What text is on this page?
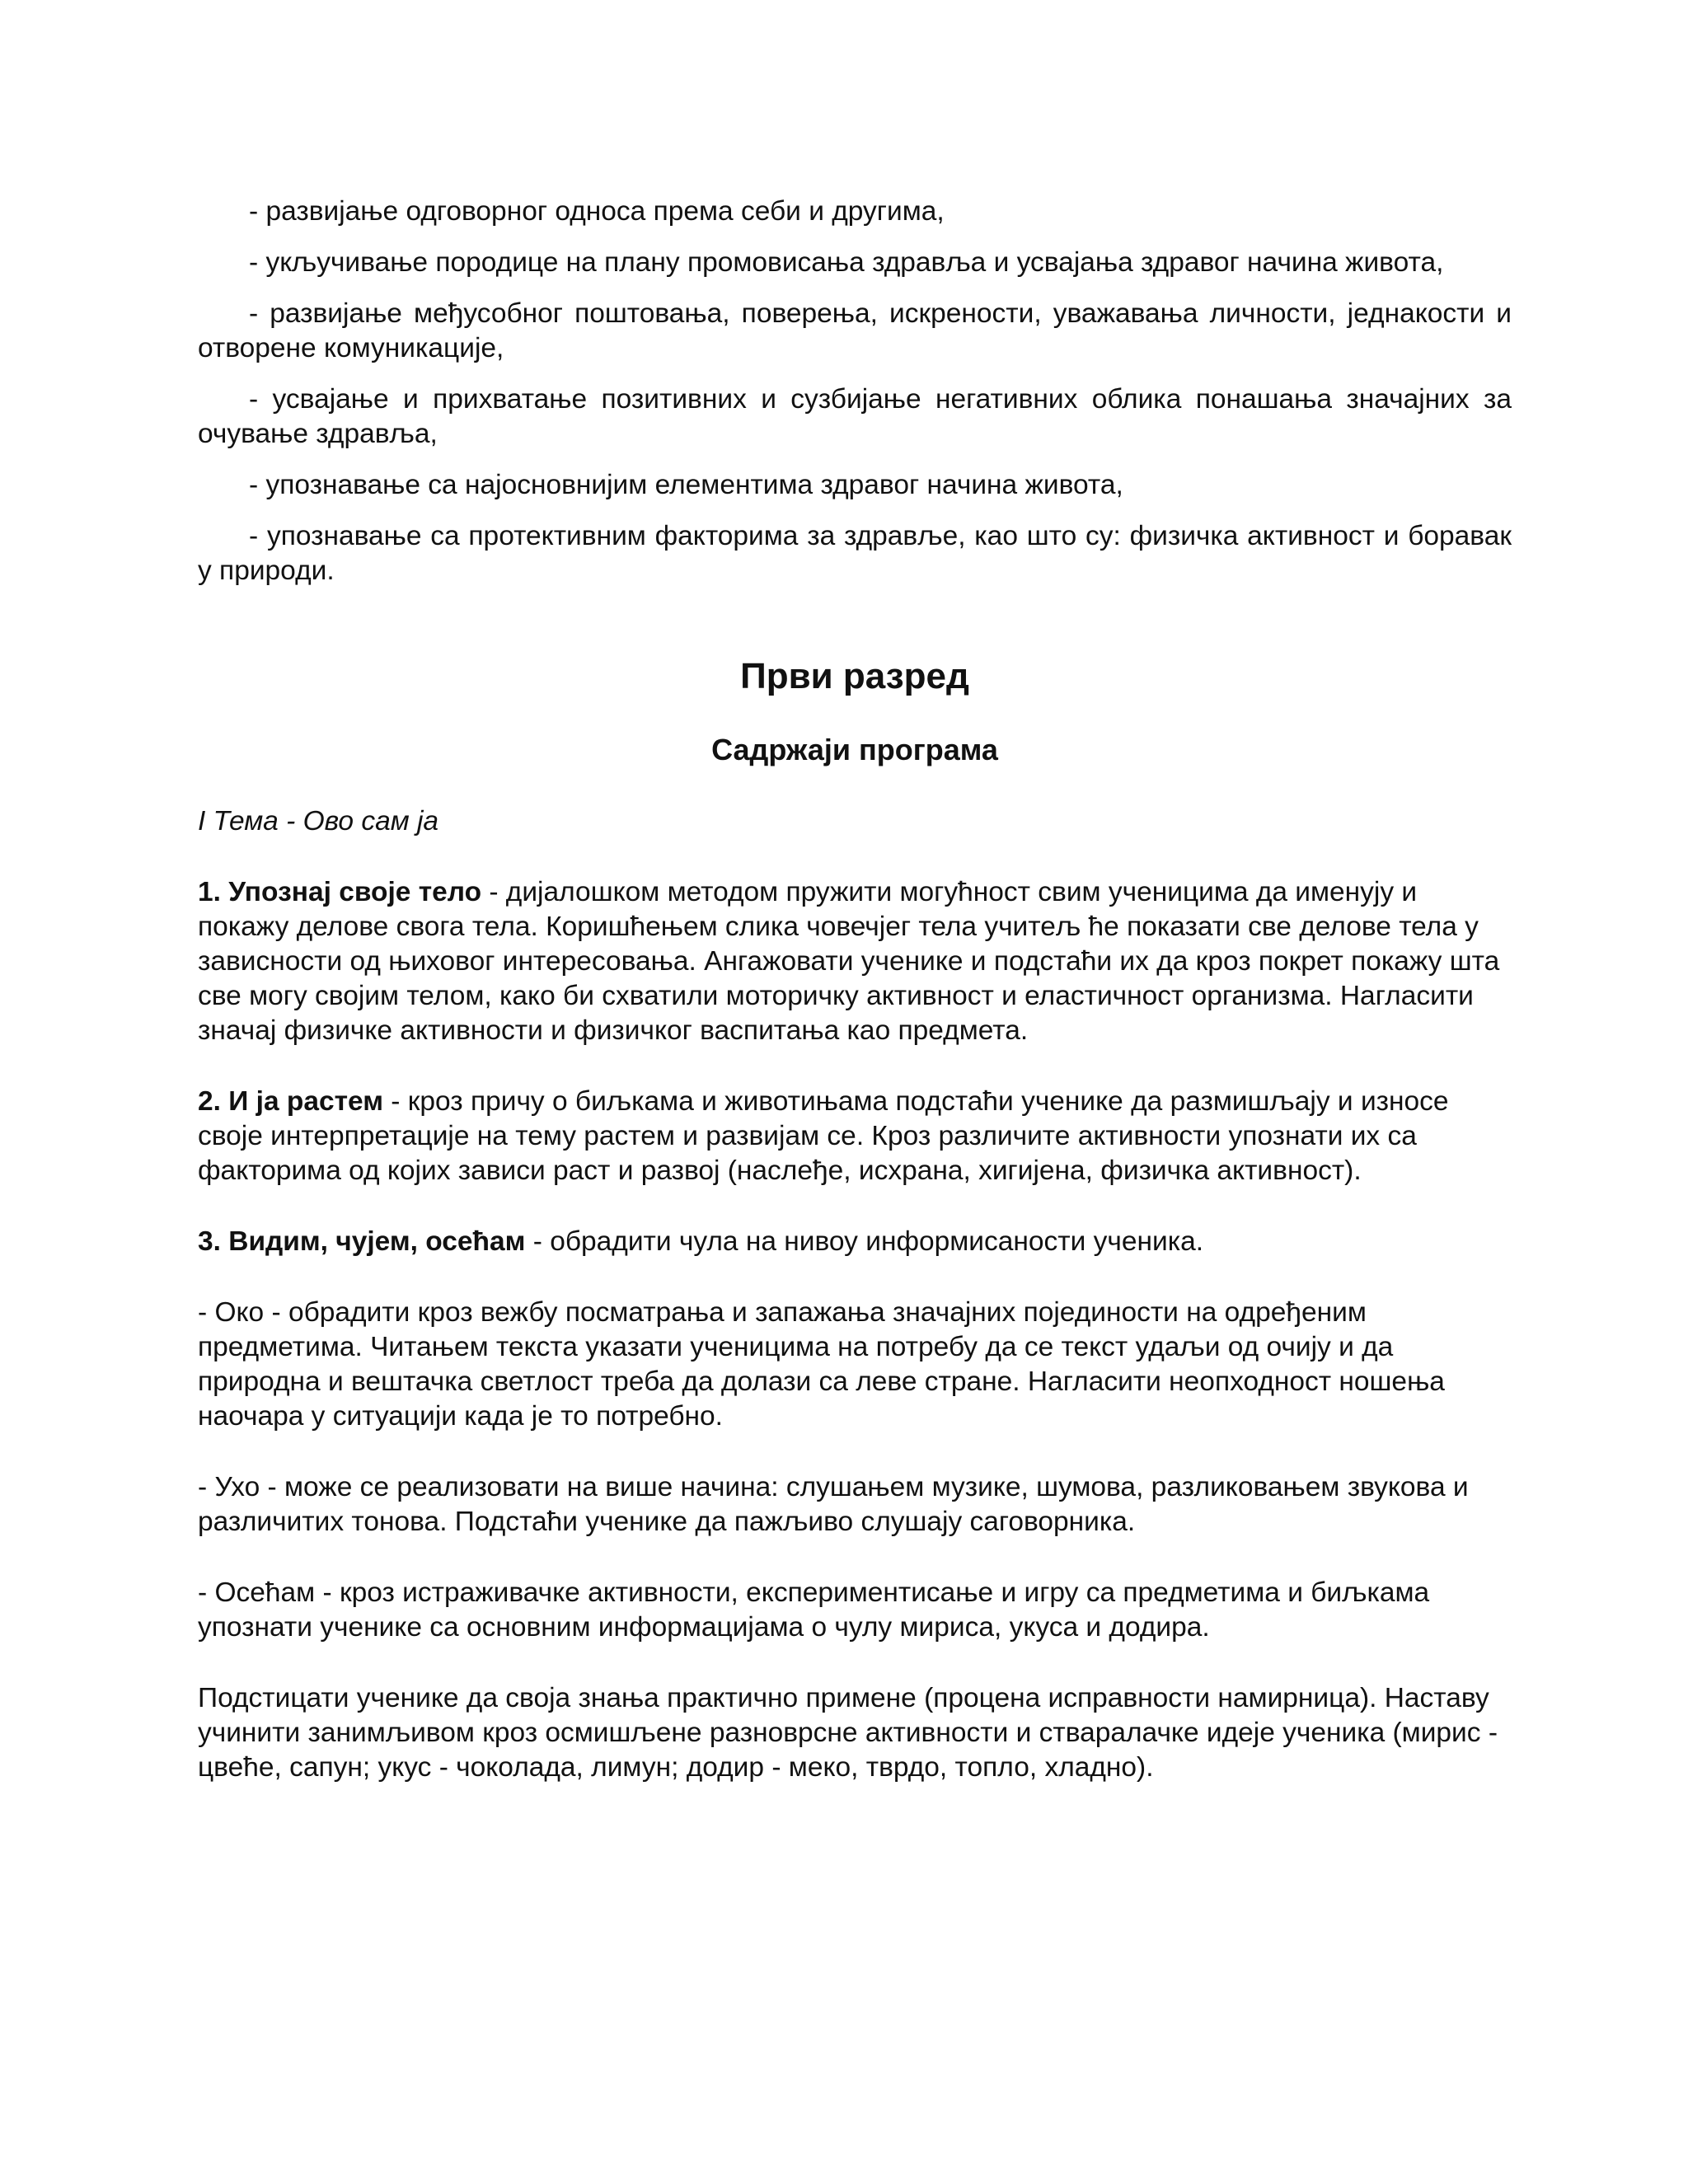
- развијање одговорног односа према себи и другима,

- укључивање породице на плану промовисања здравља и усвајања здравог начина живота,

- развијање међусобног поштовања, поверења, искрености, уважавања личности, једнакости и отворене комуникације,

- усвајање и прихватање позитивних и сузбијање негативних облика понашања значајних за очување здравља,

- упознавање са најосновнијим елементима здравог начина живота,

- упознавање са протективним факторима за здравље, као што су: физичка активност и боравак у природи.

Први разред
Садржаји програма

I Тема - Ово сам ја

1. Упознај своје тело - дијалошком методом пружити могућност свим ученицима да именују и покажу делове свога тела. Коришћењем слика човечјег тела учитељ ће показати све делове тела у зависности од њиховог интересовања. Ангажовати ученике и подстаћи их да кроз покрет покажу шта све могу својим телом, како би схватили моторичку активност и еластичност организма. Нагласити значај физичке активности и физичког васпитања као предмета.

2. И ја растем - кроз причу о биљкама и животињама подстаћи ученике да размишљају и износе своје интерпретације на тему растем и развијам се. Кроз различите активности упознати их са факторима од којих зависи раст и развој (наслеђе, исхрана, хигијена, физичка активност).

3. Видим, чујем, осећам - обрадити чула на нивоу информисаности ученика.

- Око - обрадити кроз вежбу посматрања и запажања значајних појединости на одређеним предметима. Читањем текста указати ученицима на потребу да се текст удаљи од очију и да природна и вештачка светлост треба да долази са леве стране. Нагласити неопходност ношења наочара у ситуацији када је то потребно.

- Ухо - може се реализовати на више начина: слушањем музике, шумова, разликовањем звукова и различитих тонова. Подстаћи ученике да пажљиво слушају саговорника.

- Осећам - кроз истраживачке активности, експериментисање и игру са предметима и биљкама упознати ученике са основним информацијама о чулу мириса, укуса и додира.

Подстицати ученике да своја знања практично примене (процена исправности намирница). Наставу учинити занимљивом кроз осмишљене разноврсне активности и стваралачке идеје ученика (мирис - цвеће, сапун; укус - чоколада, лимун; додир - меко, тврдо, топло, хладно).
